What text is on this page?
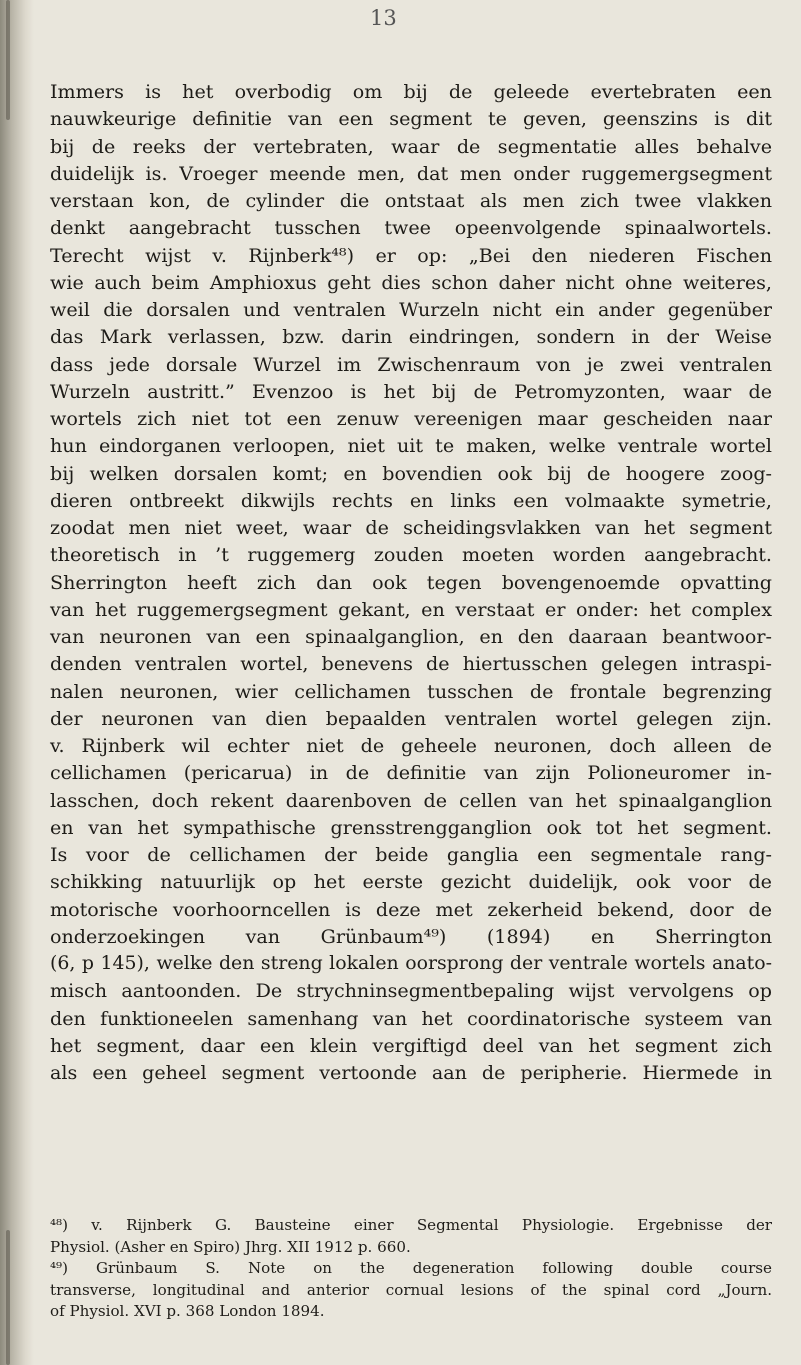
13
Immers is het overbodig om bij de geleede evertebraten een
nauwkeurige definitie van een segment te geven, geenszins is dit
bij de reeks der vertebraten, waar de segmentatie alles behalve
duidelijk is. Vroeger meende men, dat men onder ruggemergsegment
verstaan kon, de cylinder die ontstaat als men zich twee vlakken
denkt aangebracht tusschen twee opeenvolgende spinaalwortels.
Terecht wijst v. Rijnberk⁴⁸) er op: „Bei den niederen Fischen
wie auch beim Amphioxus geht dies schon daher nicht ohne weiteres,
weil die dorsalen und ventralen Wurzeln nicht ein ander gegenüber
das Mark verlassen, bzw. darin eindringen, sondern in der Weise
dass jede dorsale Wurzel im Zwischenraum von je zwei ventralen
Wurzeln austritt.” Evenzoo is het bij de Petromyzonten, waar de
wortels zich niet tot een zenuw vereenigen maar gescheiden naar
hun eindorganen verloopen, niet uit te maken, welke ventrale wortel
bij welken dorsalen komt; en bovendien ook bij de hoogere zoog-
dieren ontbreekt dikwijls rechts en links een volmaakte symetrie,
zoodat men niet weet, waar de scheidingsvlakken van het segment
theoretisch in ’t ruggemerg zouden moeten worden aangebracht.
Sherrington heeft zich dan ook tegen bovengenoemde opvatting
van het ruggemergsegment gekant, en verstaat er onder: het complex
van neuronen van een spinaalganglion, en den daaraan beantwoor-
denden ventralen wortel, benevens de hiertusschen gelegen intraspi-
nalen neuronen, wier cellichamen tusschen de frontale begrenzing
der neuronen van dien bepaalden ventralen wortel gelegen zijn.
v. Rijnberk wil echter niet de geheele neuronen, doch alleen de
cellichamen (pericarua) in de definitie van zijn Polioneuromer in-
lasschen, doch rekent daarenboven de cellen van het spinaalganglion
en van het sympathische grensstrengganglion ook tot het segment.
Is voor de cellichamen der beide ganglia een segmentale rang-
schikking natuurlijk op het eerste gezicht duidelijk, ook voor de
motorische voorhoorncellen is deze met zekerheid bekend, door de
onderzoekingen van Grünbaum⁴⁹) (1894) en Sherrington
(6, p 145), welke den streng lokalen oorsprong der ventrale wortels anato-
misch aantoonden. De strychninsegmentbepaling wijst vervolgens op
den funktioneelen samenhang van het coordinatorische systeem van
het segment, daar een klein vergiftigd deel van het segment zich
als een geheel segment vertoonde aan de peripherie. Hiermede in
⁴⁸) v. Rijnberk G. Bausteine einer Segmental Physiologie. Ergebnisse der
Physiol. (Asher en Spiro) Jhrg. XII 1912 p. 660.
⁴⁹) Grünbaum S. Note on the degeneration following double course
transverse, longitudinal and anterior cornual lesions of the spinal cord „Journ.
of Physiol. XVI p. 368 London 1894.
